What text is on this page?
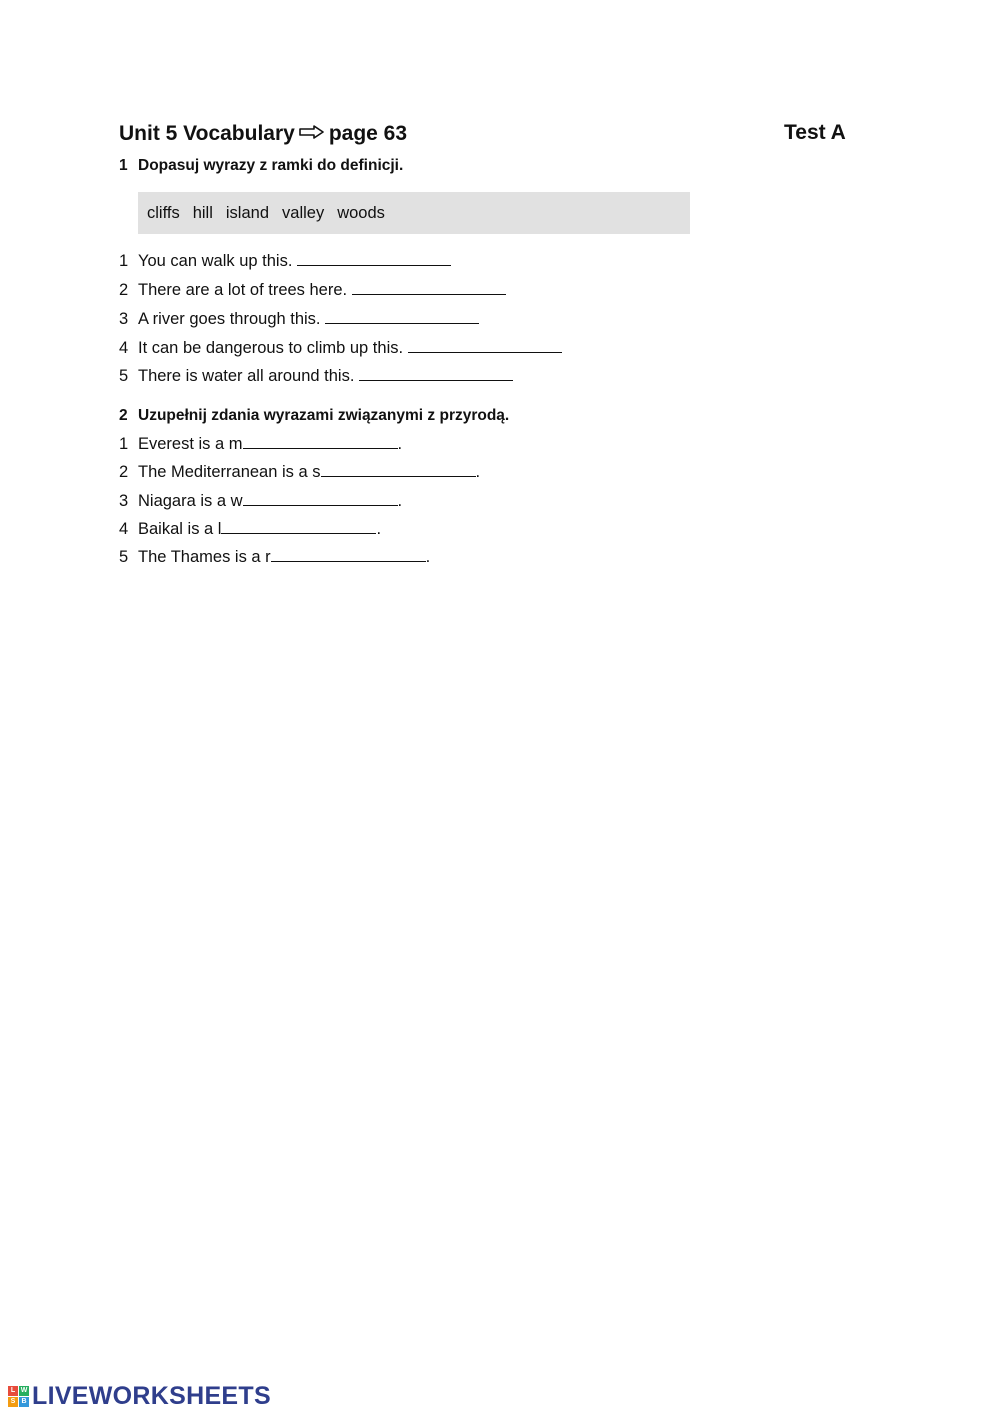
Unit 5 Vocabulary page 63	Test A
1 Dopasuj wyrazy z ramki do definicji.
cliffs hill island valley woods
1 You can walk up this.
2 There are a lot of trees here.
3 A river goes through this.
4 It can be dangerous to climb up this.
5 There is water all around this.
2 Uzupełnij zdania wyrazami związanymi z przyrodą.
1 Everest is a m	.
2 The Mediterranean is a s	.
3 Niagara is a w	.
4 Baikal is a l	.
5 The Thames is a r	.
L W
S B LIVEWORKSHEETS
